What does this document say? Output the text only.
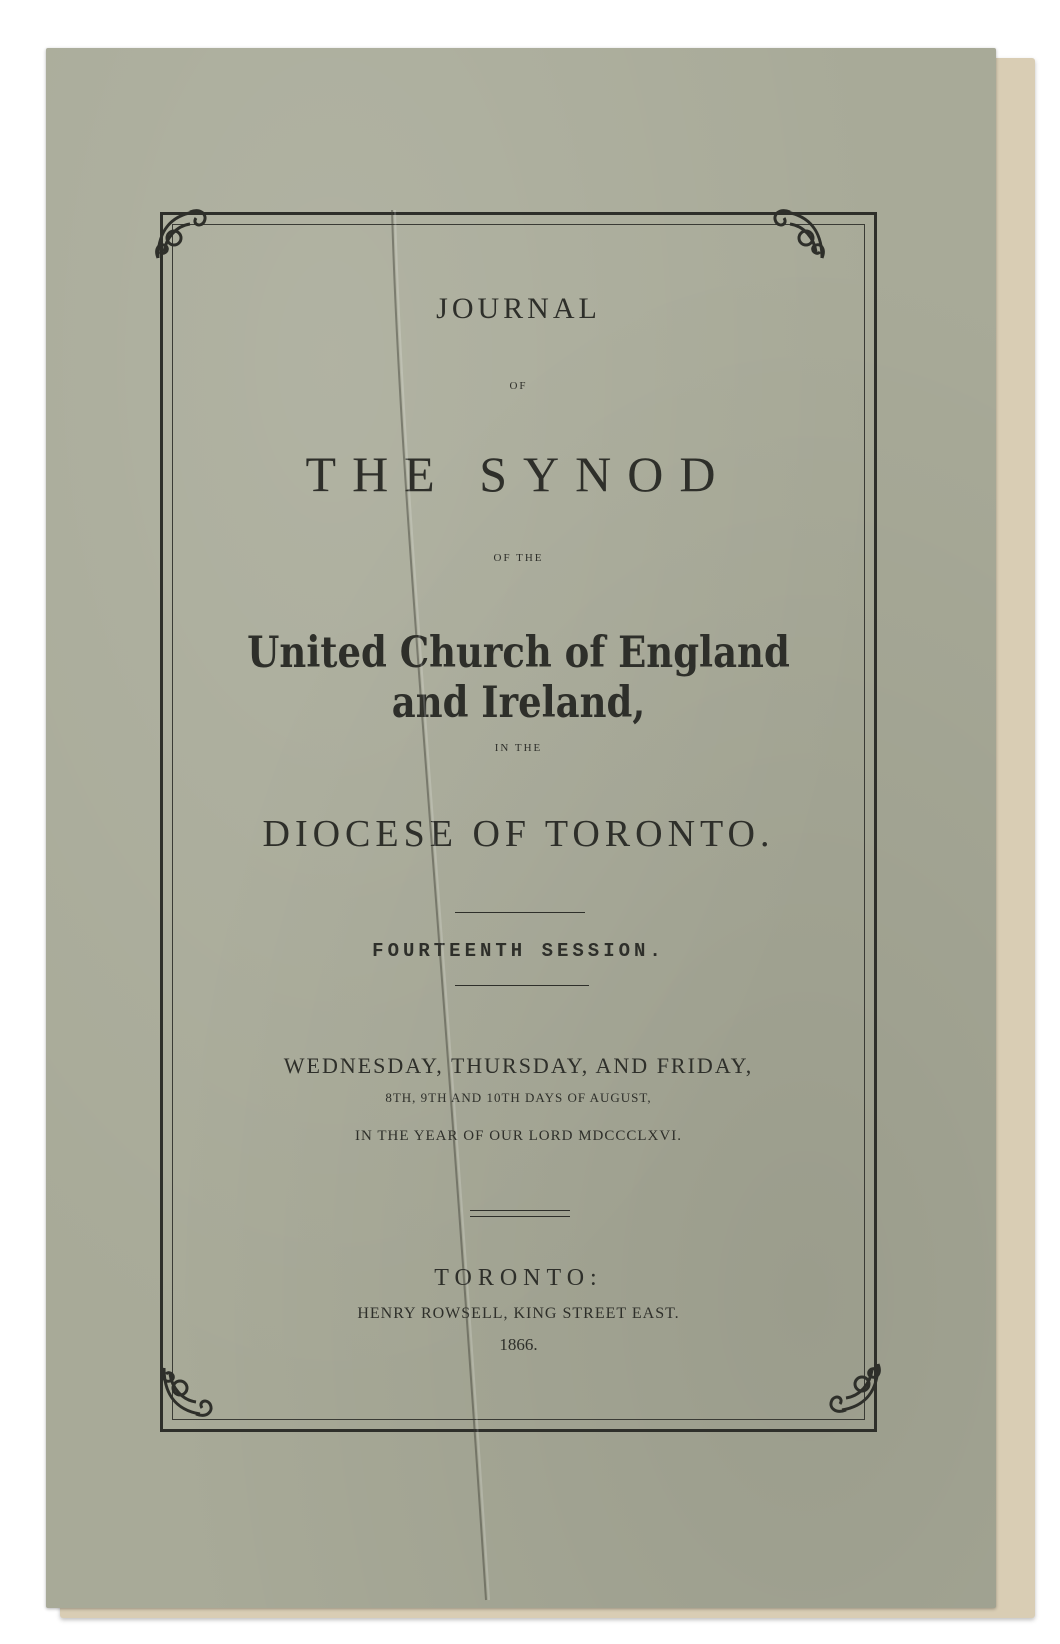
JOURNAL
OF
THE SYNOD
OF THE
United Church of England and Ireland,
IN THE
DIOCESE OF TORONTO.
FOURTEENTH SESSION.
WEDNESDAY, THURSDAY, AND FRIDAY,
8TH, 9TH AND 10TH DAYS OF AUGUST,
IN THE YEAR OF OUR LORD MDCCCLXVI.
TORONTO:
HENRY ROWSELL, KING STREET EAST.
1866.
